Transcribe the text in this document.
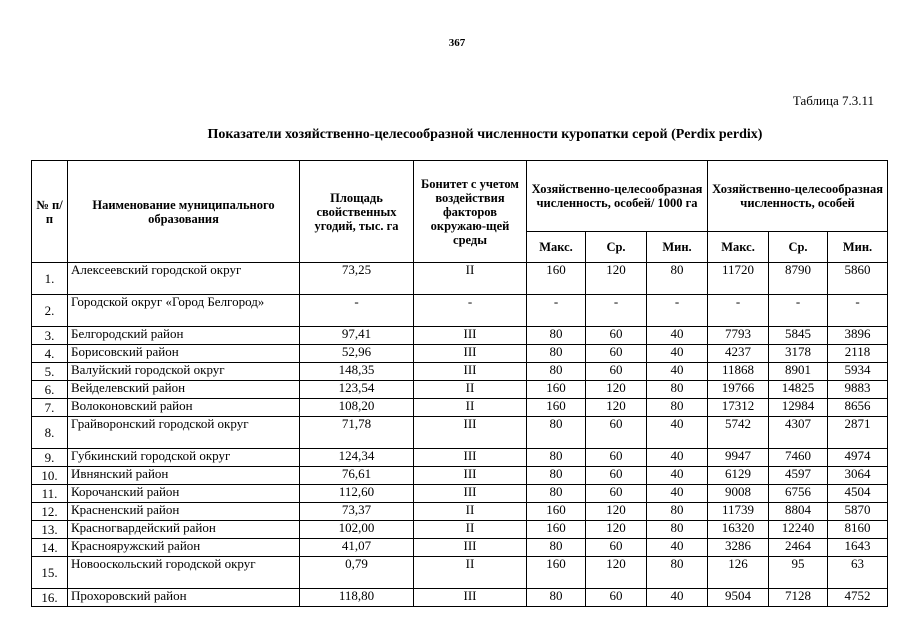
367
Таблица 7.3.11
Показатели хозяйственно-целесообразной численности куропатки серой (Perdix perdix)
№ п/п	Наименование муниципального образования	Площадь свойственных угодий, тыс. га	Бонитет с учетом воздействия факторов окружаю-щей среды	Хозяйственно-целесообразная численность, особей/ 1000 га			Хозяйственно-целесообразная численность, особей		
				Макс.	Ср.	Мин.	Макс.	Ср.	Мин.
1.	Алексеевский городской округ	73,25	II	160	120	80	11720	8790	5860
2.	Городской округ «Город Белгород»	-	-	-	-	-	-	-	-
3.	Белгородский район	97,41	III	80	60	40	7793	5845	3896
4.	Борисовский район	52,96	III	80	60	40	4237	3178	2118
5.	Валуйский городской округ	148,35	III	80	60	40	11868	8901	5934
6.	Вейделевский район	123,54	II	160	120	80	19766	14825	9883
7.	Волоконовский район	108,20	II	160	120	80	17312	12984	8656
8.	Грайворонский городской округ	71,78	III	80	60	40	5742	4307	2871
9.	Губкинский городской округ	124,34	III	80	60	40	9947	7460	4974
10.	Ивнянский район	76,61	III	80	60	40	6129	4597	3064
11.	Корочанский район	112,60	III	80	60	40	9008	6756	4504
12.	Красненский район	73,37	II	160	120	80	11739	8804	5870
13.	Красногвардейский район	102,00	II	160	120	80	16320	12240	8160
14.	Краснояружский район	41,07	III	80	60	40	3286	2464	1643
15.	Новооскольский городской округ	0,79	II	160	120	80	126	95	63
16.	Прохоровский район	118,80	III	80	60	40	9504	7128	4752
